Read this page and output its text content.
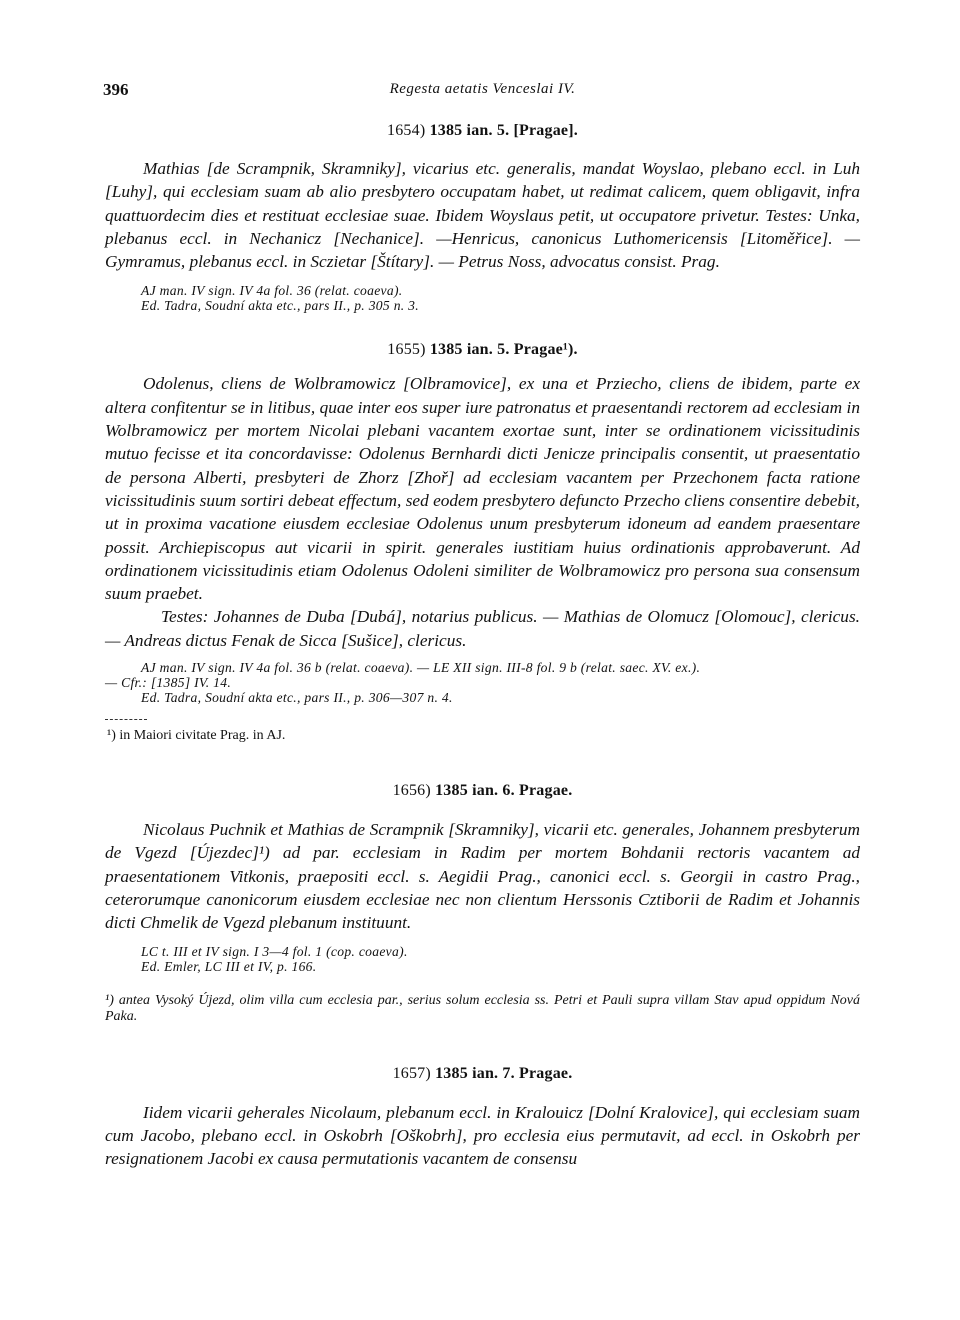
396	Regesta aetatis Venceslai IV.

1654) 1385 ian. 5. [Pragae].

Mathias [de Scrampnik, Skramniky], vicarius etc. generalis, mandat Woyslao, plebano eccl. in Luh [Luhy], qui ecclesiam suam ab alio presbytero occupatam habet, ut redimat calicem, quem obligavit, infra quattuordecim dies et restituat ecclesiae suae. Ibidem Woyslaus petit, ut occupatore privetur. Testes: Unka, plebanus eccl. in Nechanicz [Nechanice]. —Henricus, canonicus Luthomericensis [Litoměřice]. — Gymramus, plebanus eccl. in Sczietar [Štítary]. — Petrus Noss, advocatus consist. Prag.

AJ man. IV sign. IV 4a fol. 36 (relat. coaeva).
Ed. Tadra, Soudní akta etc., pars II., p. 305 n. 3.

1655) 1385 ian. 5. Pragae¹).

Odolenus, cliens de Wolbramowicz [Olbramovice], ex una et Prziecho, cliens de ibidem, parte ex altera confitentur se in litibus, quae inter eos super iure patronatus et praesentandi rectorem ad ecclesiam in Wolbramowicz per mortem Nicolai plebani vacantem exortae sunt, inter se ordinationem vicissitudinis mutuo fecisse et ita concordavisse: Odolenus Bernhardi dicti Jenicze principalis consentit, ut praesentatio de persona Alberti, presbyteri de Zhorz [Zhoř] ad ecclesiam vacantem per Przechonem facta ratione vicissitudinis suum sortiri debeat effectum, sed eodem presbytero defuncto Przecho cliens consentire debebit, ut in proxima vacatione eiusdem ecclesiae Odolenus unum presbyterum idoneum ad eandem praesentare possit. Archiepiscopus aut vicarii in spirit. generales iustitiam huius ordinationis approbaverunt. Ad ordinationem vicissitudinis etiam Odolenus Odoleni similiter de Wolbramowicz pro persona sua consensum suum praebet.

Testes: Johannes de Duba [Dubá], notarius publicus. — Mathias de Olomucz [Olomouc], clericus. — Andreas dictus Fenak de Sicca [Sušice], clericus.

AJ man. IV sign. IV 4a fol. 36 b (relat. coaeva). — LE XII sign. III-8 fol. 9 b (relat. saec. XV. ex.).
— Cfr.: [1385] IV. 14.
Ed. Tadra, Soudní akta etc., pars II., p. 306—307 n. 4.

¹) in Maiori civitate Prag. in AJ.

1656) 1385 ian. 6. Pragae.

Nicolaus Puchnik et Mathias de Scrampnik [Skramniky], vicarii etc. generales, Johannem presbyterum de Vgezd [Újezdec]¹) ad par. ecclesiam in Radim per mortem Bohdanii rectoris vacantem ad praesentationem Vitkonis, praepositi eccl. s. Aegidii Prag., canonici eccl. s. Georgii in castro Prag., ceterorumque canonicorum eiusdem ecclesiae nec non clientum Herssonis Cztiborii de Radim et Johannis dicti Chmelik de Vgezd plebanum instituunt.

LC t. III et IV sign. I 3—4 fol. 1 (cop. coaeva).
Ed. Emler, LC III et IV, p. 166.

¹) antea Vysoký Újezd, olim villa cum ecclesia par., serius solum ecclesia ss. Petri et Pauli supra villam Stav apud oppidum Nová Paka.

1657) 1385 ian. 7. Pragae.

Iidem vicarii geherales Nicolaum, plebanum eccl. in Kralouicz [Dolní Kralovice], qui ecclesiam suam cum Jacobo, plebano eccl. in Oskobrh [Oškobrh], pro ecclesia eius permutavit, ad eccl. in Oskobrh per resignationem Jacobi ex causa permutationis vacantem de consensu
